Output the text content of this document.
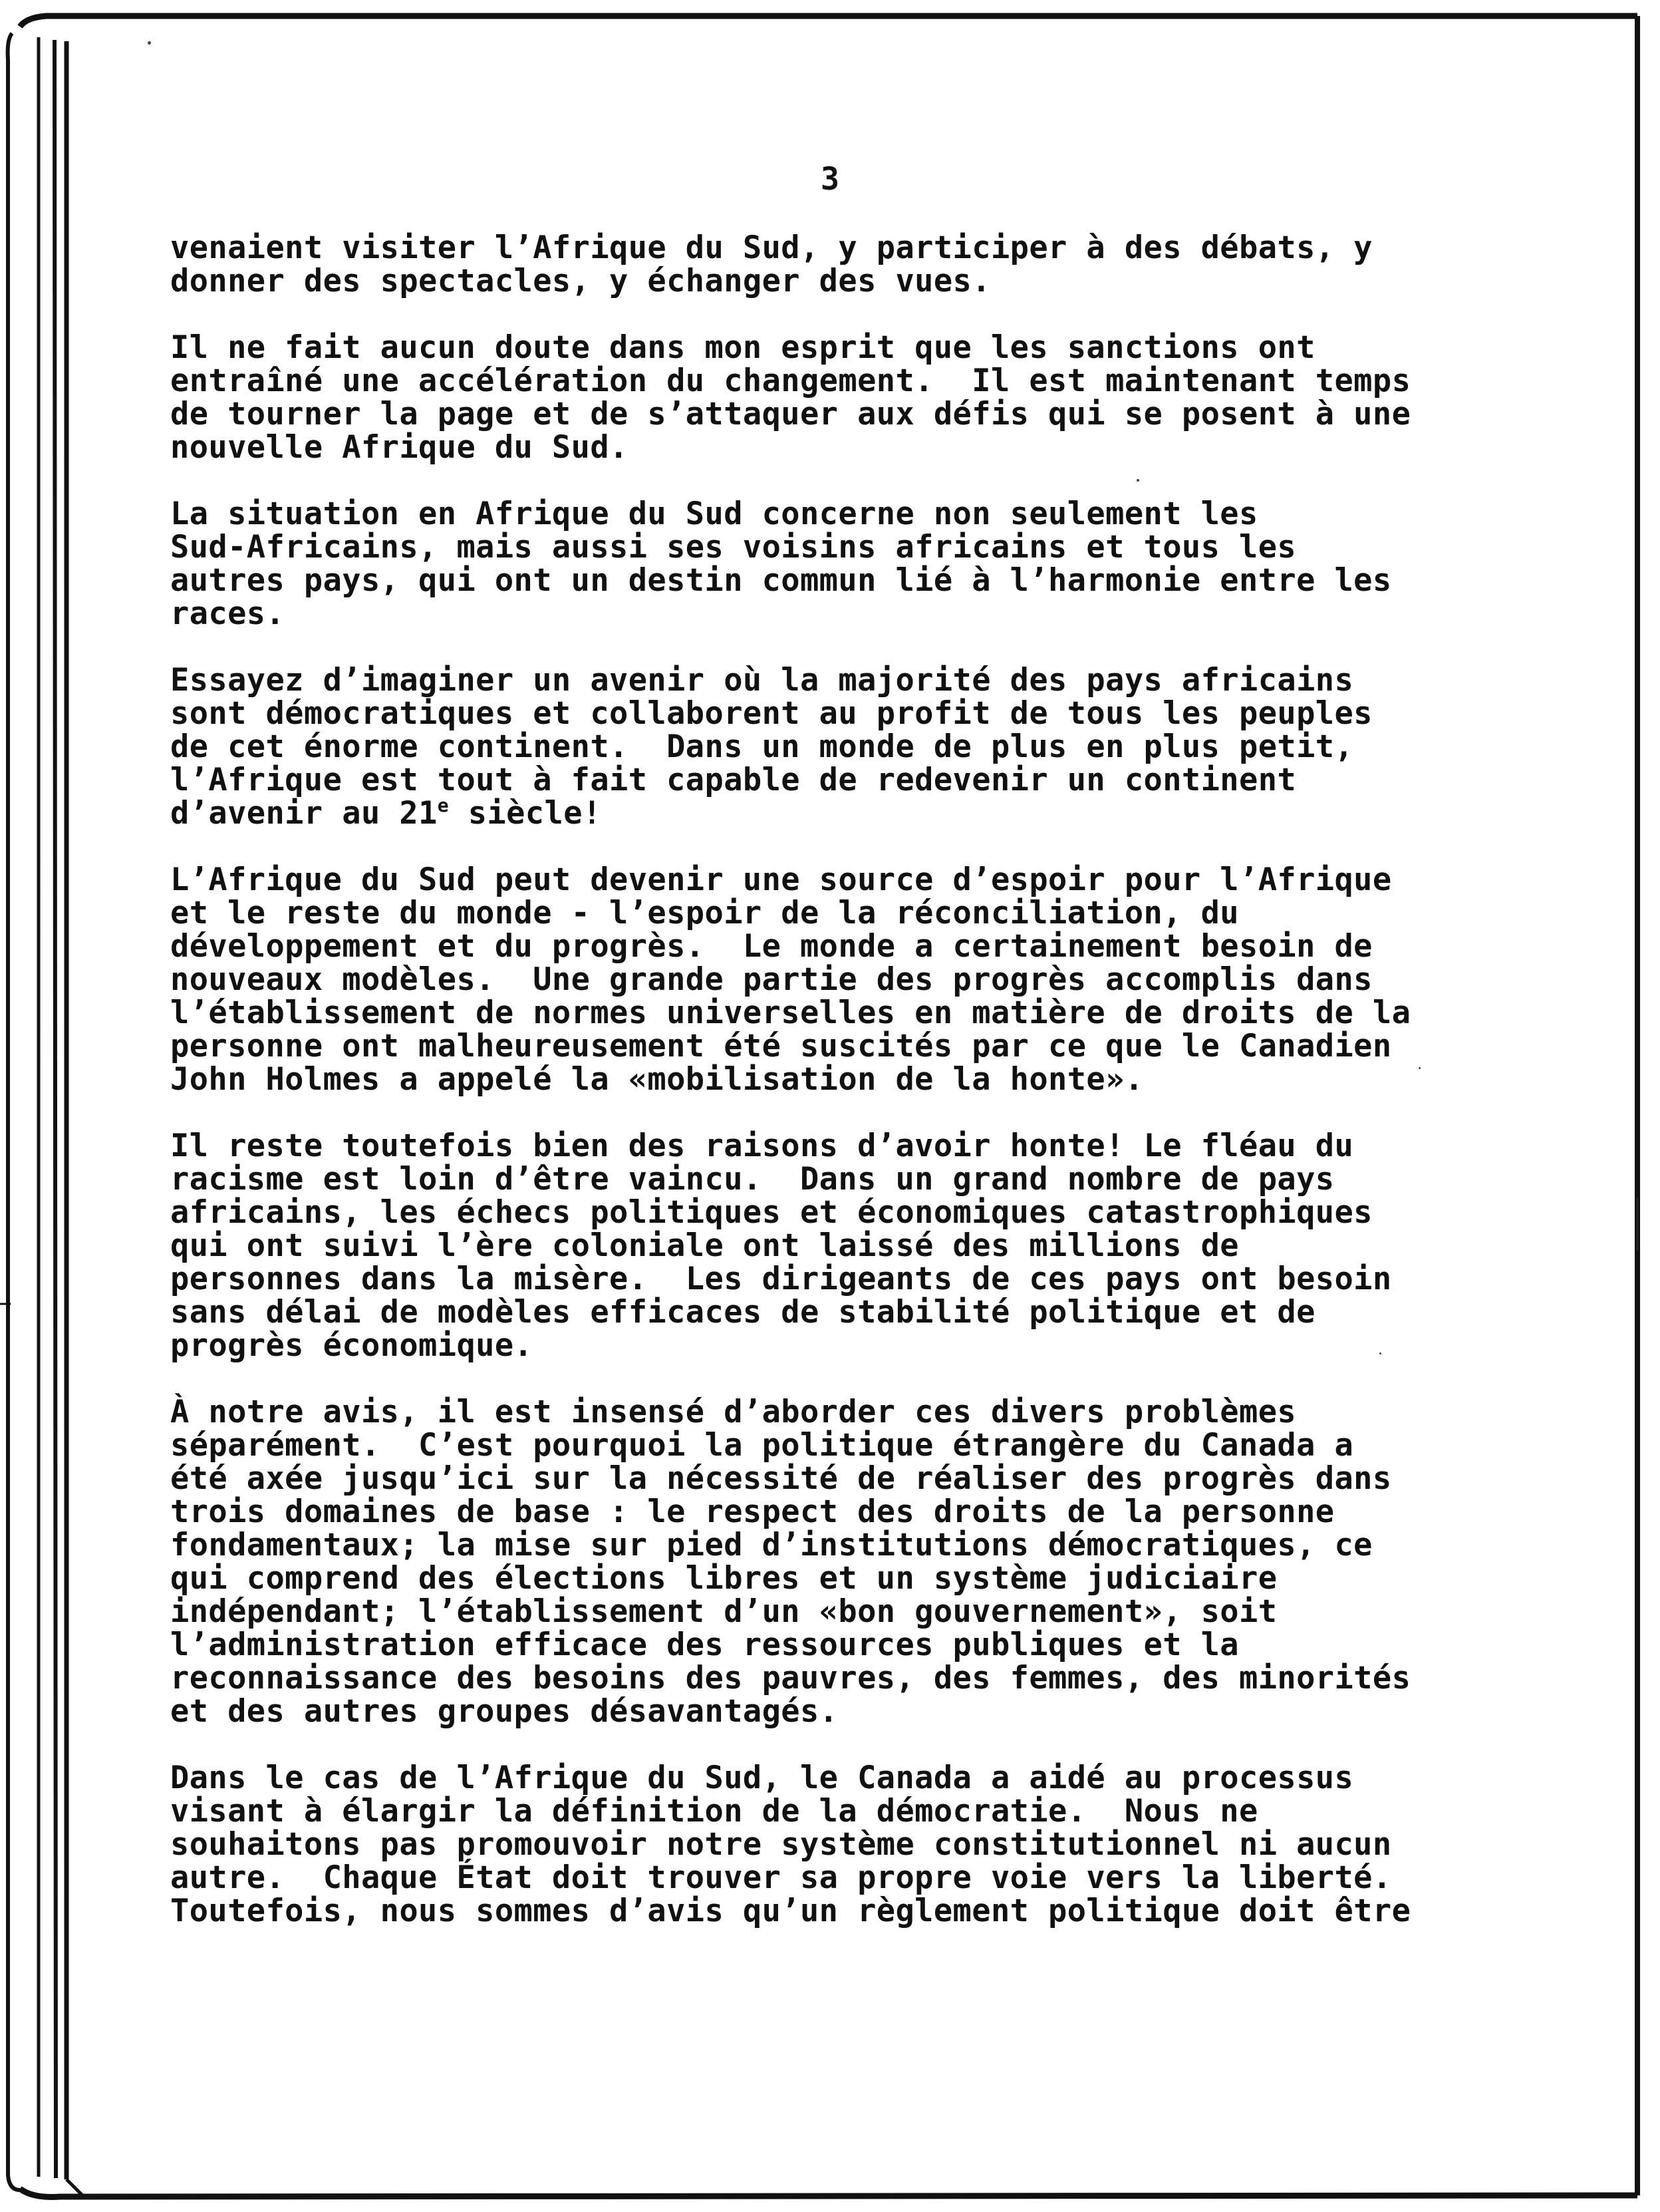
3
venaient visiter l’Afrique du Sud, y participer à des débats, y
donner des spectacles, y échanger des vues.
Il ne fait aucun doute dans mon esprit que les sanctions ont
entraîné une accélération du changement.  Il est maintenant temps
de tourner la page et de s’attaquer aux défis qui se posent à une
nouvelle Afrique du Sud.
La situation en Afrique du Sud concerne non seulement les
Sud-Africains, mais aussi ses voisins africains et tous les
autres pays, qui ont un destin commun lié à l’harmonie entre les
races.
Essayez d’imaginer un avenir où la majorité des pays africains
sont démocratiques et collaborent au profit de tous les peuples
de cet énorme continent.  Dans un monde de plus en plus petit,
l’Afrique est tout à fait capable de redevenir un continent
d’avenir au 21e siècle!
L’Afrique du Sud peut devenir une source d’espoir pour l’Afrique
et le reste du monde - l’espoir de la réconciliation, du
développement et du progrès.  Le monde a certainement besoin de
nouveaux modèles.  Une grande partie des progrès accomplis dans
l’établissement de normes universelles en matière de droits de la
personne ont malheureusement été suscités par ce que le Canadien
John Holmes a appelé la «mobilisation de la honte».
Il reste toutefois bien des raisons d’avoir honte! Le fléau du
racisme est loin d’être vaincu.  Dans un grand nombre de pays
africains, les échecs politiques et économiques catastrophiques
qui ont suivi l’ère coloniale ont laissé des millions de
personnes dans la misère.  Les dirigeants de ces pays ont besoin
sans délai de modèles efficaces de stabilité politique et de
progrès économique.
À notre avis, il est insensé d’aborder ces divers problèmes
séparément.  C’est pourquoi la politique étrangère du Canada a
été axée jusqu’ici sur la nécessité de réaliser des progrès dans
trois domaines de base : le respect des droits de la personne
fondamentaux; la mise sur pied d’institutions démocratiques, ce
qui comprend des élections libres et un système judiciaire
indépendant; l’établissement d’un «bon gouvernement», soit
l’administration efficace des ressources publiques et la
reconnaissance des besoins des pauvres, des femmes, des minorités
et des autres groupes désavantagés.
Dans le cas de l’Afrique du Sud, le Canada a aidé au processus
visant à élargir la définition de la démocratie.  Nous ne
souhaitons pas promouvoir notre système constitutionnel ni aucun
autre.  Chaque État doit trouver sa propre voie vers la liberté.
Toutefois, nous sommes d’avis qu’un règlement politique doit être
